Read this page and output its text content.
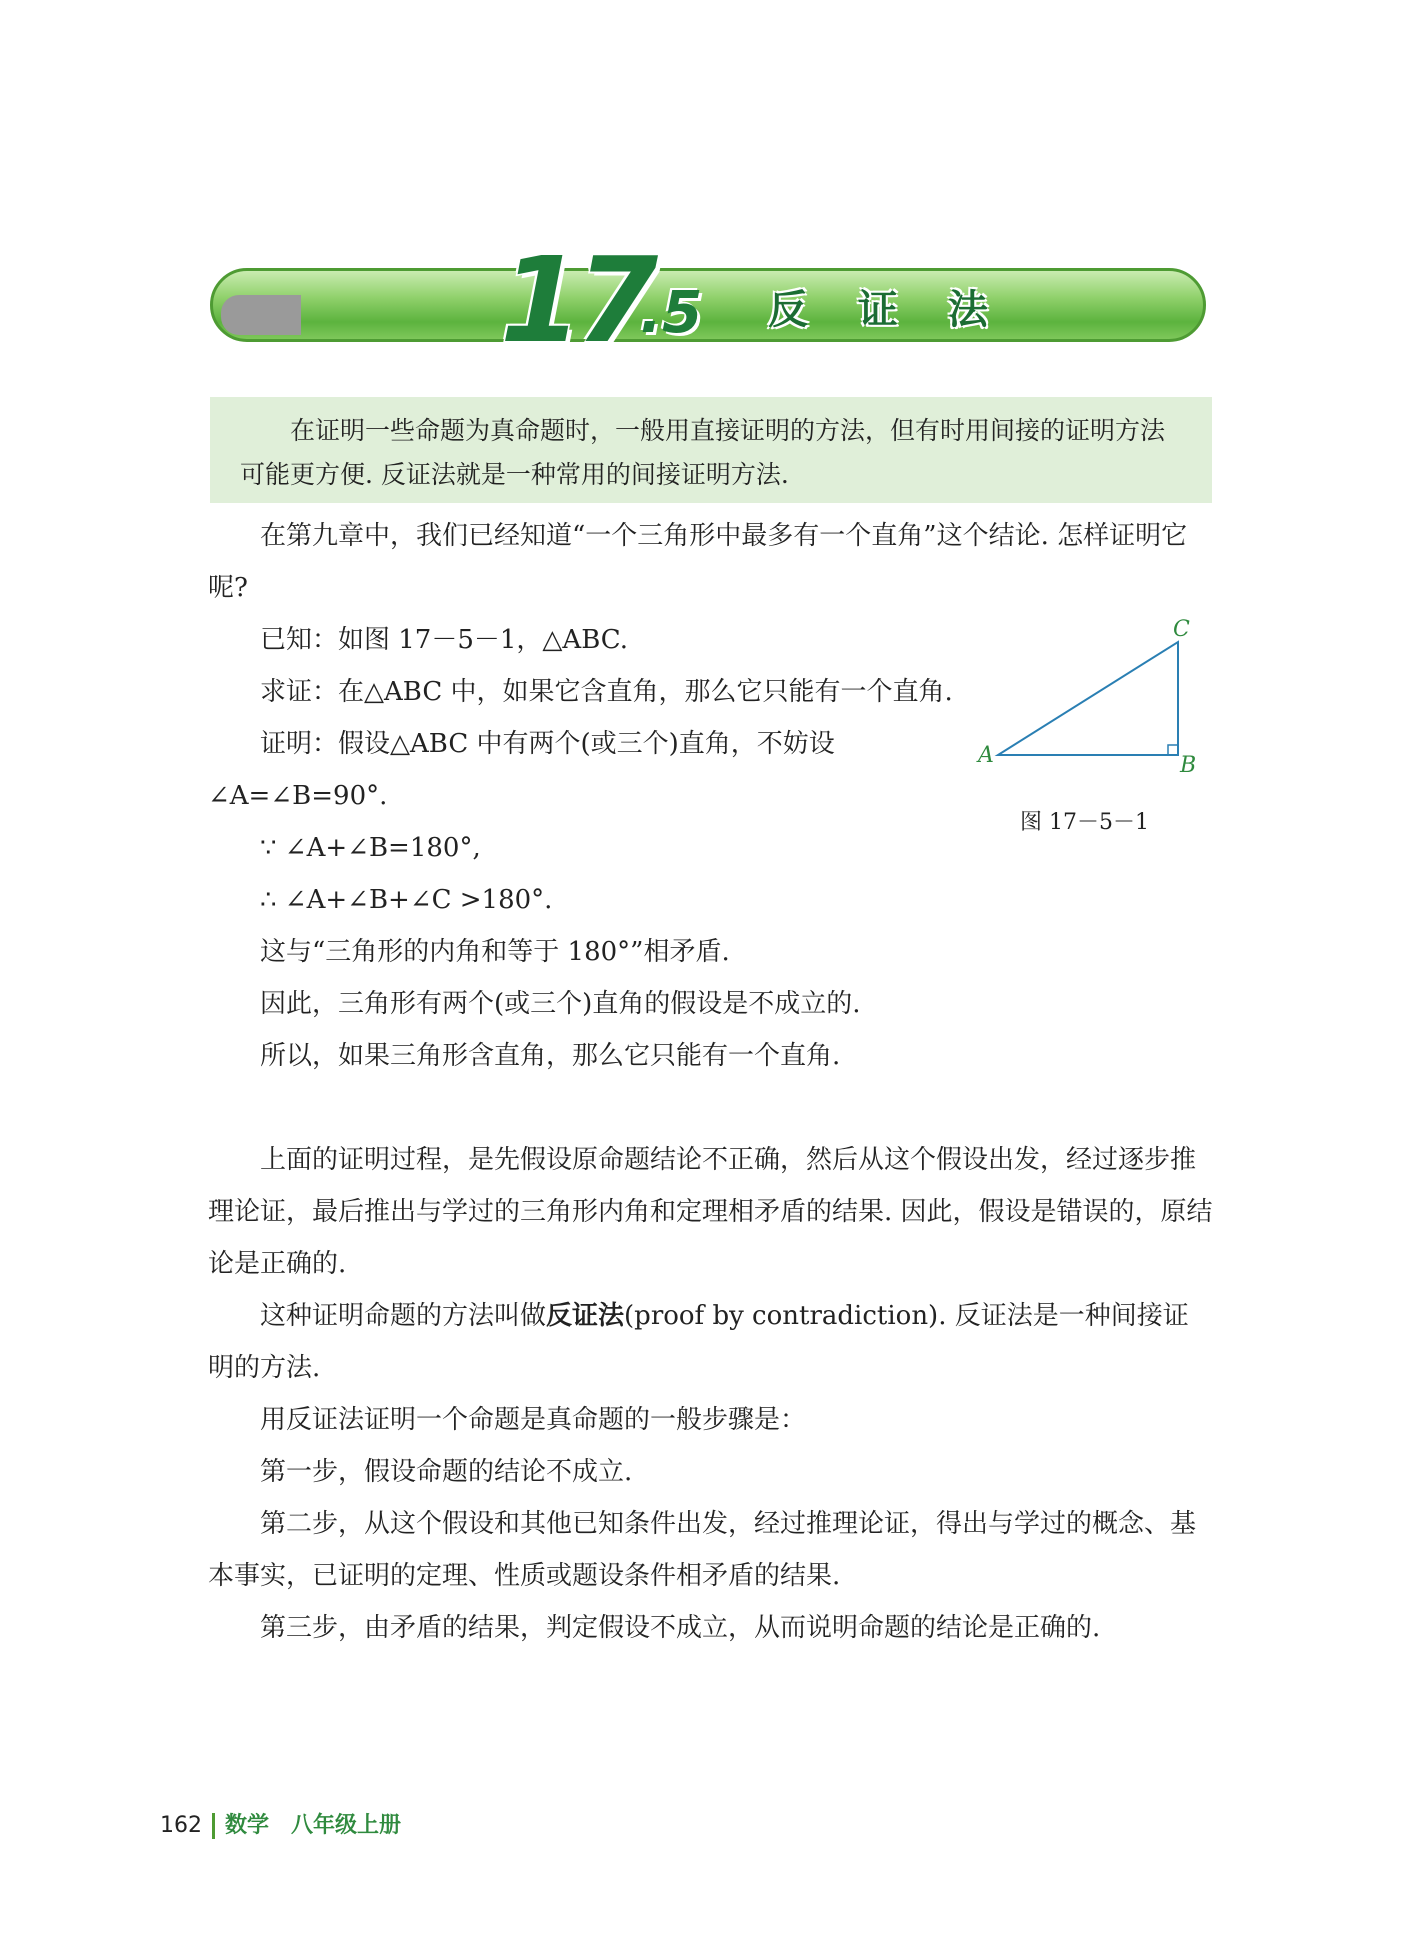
17
.5 反 证 法

在证明一些命题为真命题时，一般用直接证明的方法，但有时用间接的证明方法可能更方便. 反证法就是一种常用的间接证明方法.

在第九章中，我们已经知道“一个三角形中最多有一个直角”这个结论. 怎样证明它呢?

已知：如图 17－5－1，△ABC.

求证：在△ABC 中，如果它含直角，那么它只能有一个直角.

证明：假设△ABC 中有两个(或三个)直角，不妨设∠A=∠B=90°.

∵ ∠A+∠B=180°,

∴ ∠A+∠B+∠C >180°.

这与“三角形的内角和等于 180°”相矛盾.

因此，三角形有两个(或三个)直角的假设是不成立的.

所以，如果三角形含直角，那么它只能有一个直角.

上面的证明过程，是先假设原命题结论不正确，然后从这个假设出发，经过逐步推理论证，最后推出与学过的三角形内角和定理相矛盾的结果. 因此，假设是错误的，原结论是正确的.

这种证明命题的方法叫做反证法(proof by contradiction). 反证法是一种间接证明的方法.

用反证法证明一个命题是真命题的一般步骤是：

第一步，假设命题的结论不成立.

第二步，从这个假设和其他已知条件出发，经过推理论证，得出与学过的概念、基本事实，已证明的定理、性质或题设条件相矛盾的结果.

第三步，由矛盾的结果，判定假设不成立，从而说明命题的结论是正确的.

A	B
C
图 17－5－1
162 数学 八年级上册
